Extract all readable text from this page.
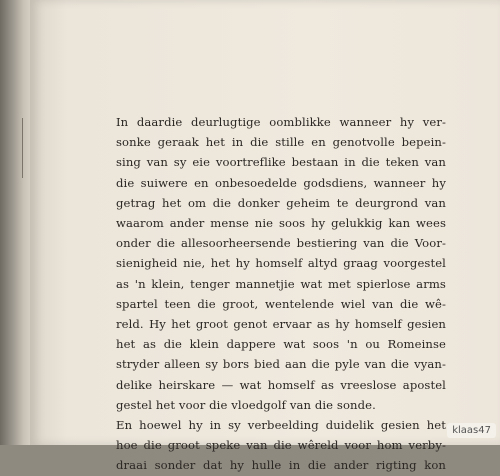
In daardie deurlugtige oomblikke wanneer hy ver-
sonke geraak het in die stille en genotvolle bepein-
sing van sy eie voortreflike bestaan in die teken van
die suiwere en onbesoedelde godsdiens, wanneer hy
getrag het om die donker geheim te deurgrond van
waarom ander mense nie soos hy gelukkig kan wees
onder die allesoorheersende bestiering van die Voor-
sienigheid nie, het hy homself altyd graag voorgestel
as 'n klein, tenger mannetjie wat met spierlose arms
spartel teen die groot, wentelende wiel van die wê-
reld. Hy het groot genot ervaar as hy homself gesien
het as die klein dappere wat soos 'n ou Romeinse
stryder alleen sy bors bied aan die pyle van die vyan-
delike heirskare — wat homself as vreeslose apostel
gestel het voor die vloedgolf van die sonde.
En hoewel hy in sy verbeelding duidelik gesien het
hoe die groot speke van die wêreld voor hom verby-
draai sonder dat hy hulle in die ander rigting kon
klaas47
